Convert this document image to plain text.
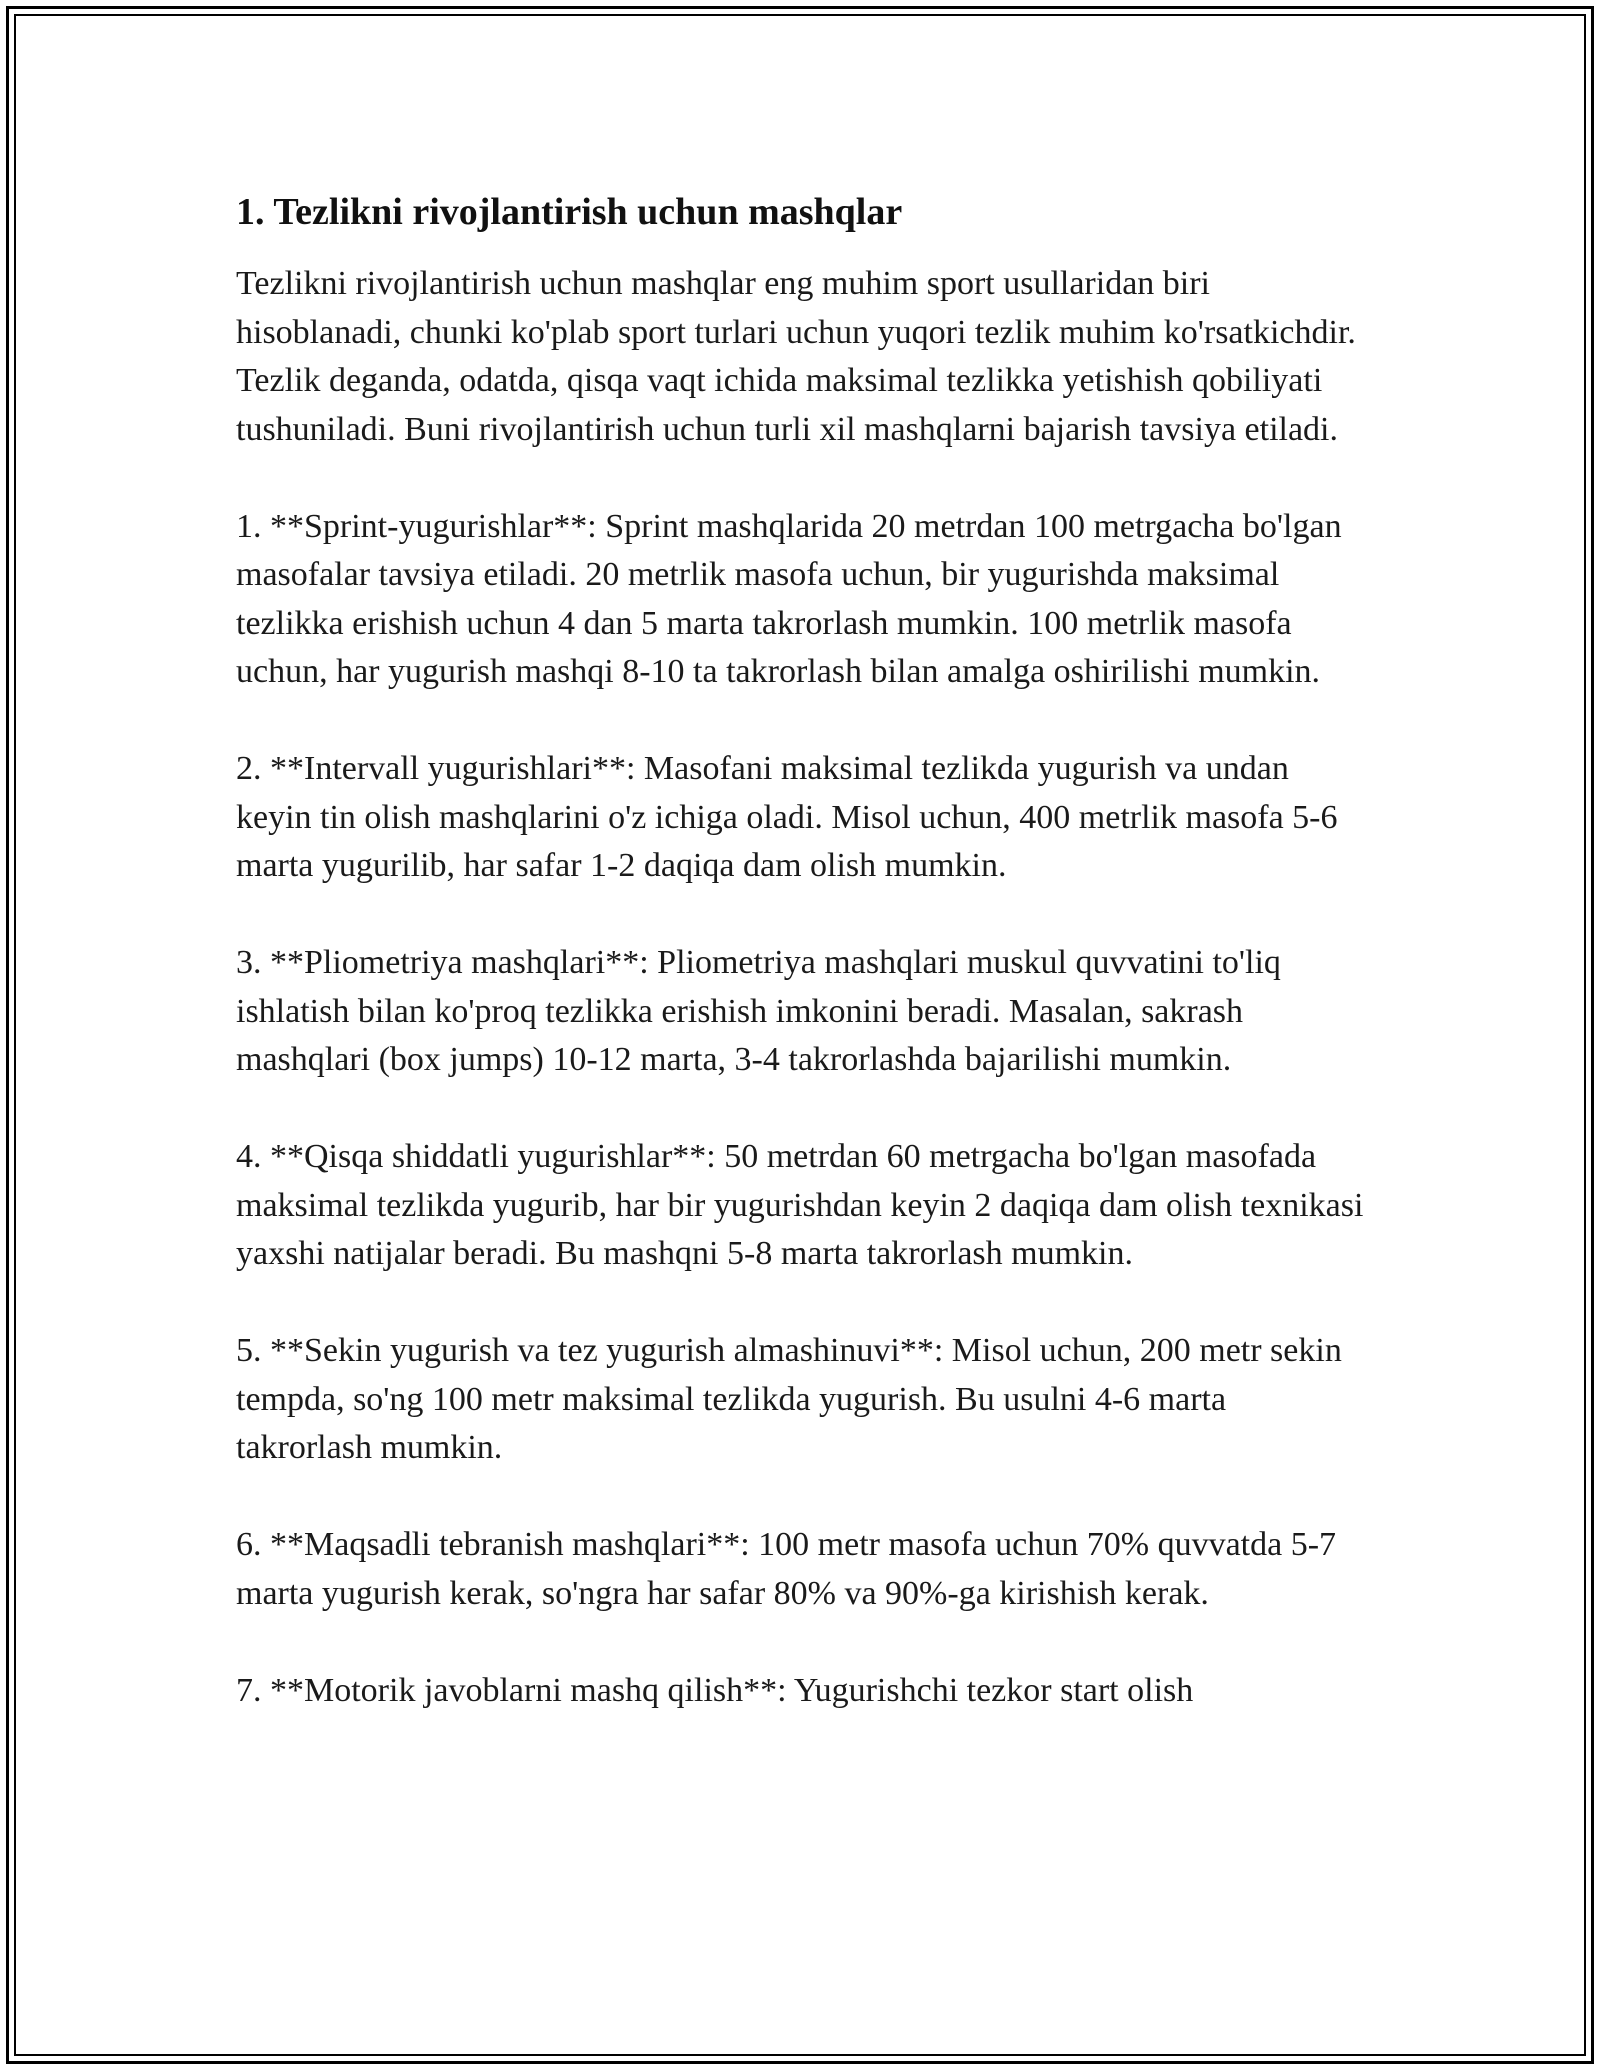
1. Tezlikni rivojlantirish uchun mashqlar

Tezlikni rivojlantirish uchun mashqlar eng muhim sport usullaridan biri hisoblanadi, chunki ko'plab sport turlari uchun yuqori tezlik muhim ko'rsatkichdir. Tezlik deganda, odatda, qisqa vaqt ichida maksimal tezlikka yetishish qobiliyati tushuniladi. Buni rivojlantirish uchun turli xil mashqlarni bajarish tavsiya etiladi.

1. **Sprint-yugurishlar**: Sprint mashqlarida 20 metrdan 100 metrgacha bo'lgan masofalar tavsiya etiladi. 20 metrlik masofa uchun, bir yugurishda maksimal tezlikka erishish uchun 4 dan 5 marta takrorlash mumkin. 100 metrlik masofa uchun, har yugurish mashqi 8-10 ta takrorlash bilan amalga oshirilishi mumkin.

2. **Intervall yugurishlari**: Masofani maksimal tezlikda yugurish va undan keyin tin olish mashqlarini o'z ichiga oladi. Misol uchun, 400 metrlik masofa 5-6 marta yugurilib, har safar 1-2 daqiqa dam olish mumkin.

3. **Pliometriya mashqlari**: Pliometriya mashqlari muskul quvvatini to'liq ishlatish bilan ko'proq tezlikka erishish imkonini beradi. Masalan, sakrash mashqlari (box jumps) 10-12 marta, 3-4 takrorlashda bajarilishi mumkin.

4. **Qisqa shiddatli yugurishlar**: 50 metrdan 60 metrgacha bo'lgan masofada maksimal tezlikda yugurib, har bir yugurishdan keyin 2 daqiqa dam olish texnikasi yaxshi natijalar beradi. Bu mashqni 5-8 marta takrorlash mumkin.

5. **Sekin yugurish va tez yugurish almashinuvi**: Misol uchun, 200 metr sekin tempda, so'ng 100 metr maksimal tezlikda yugurish. Bu usulni 4-6 marta takrorlash mumkin.

6. **Maqsadli tebranish mashqlari**: 100 metr masofa uchun 70% quvvatda 5-7 marta yugurish kerak, so'ngra har safar 80% va 90%-ga kirishish kerak.

7. **Motorik javoblarni mashq qilish**: Yugurishchi tezkor start olish
